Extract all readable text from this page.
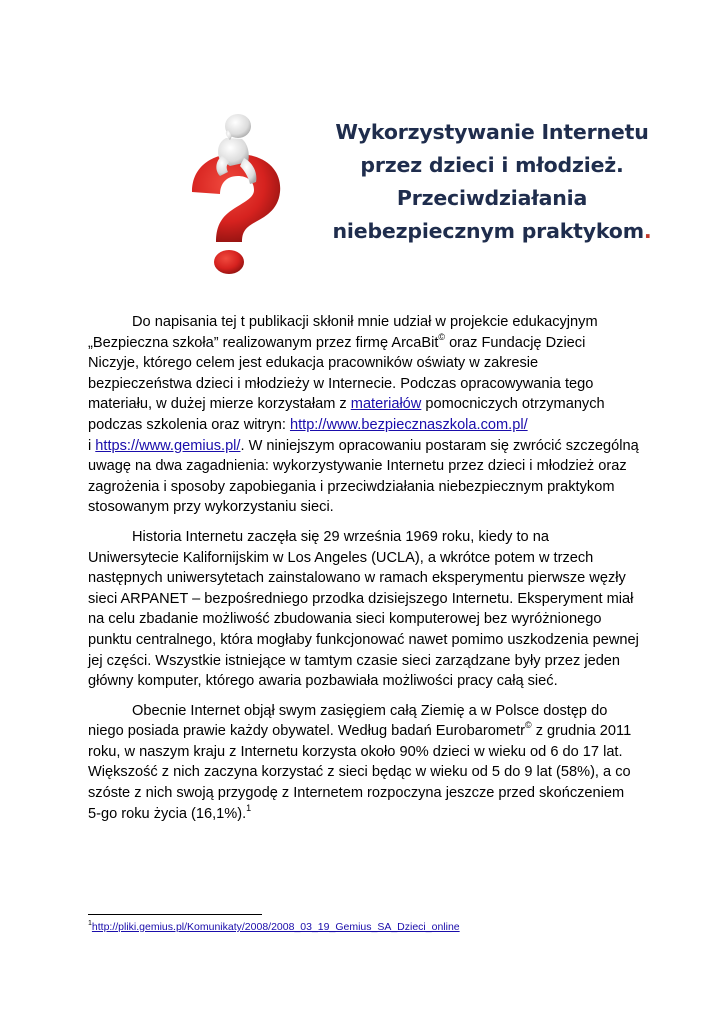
Wykorzystywanie Internetu
przez dzieci i młodzież.
Przeciwdziałania
niebezpiecznym praktykom.
Do napisania tej t publikacji skłonił mnie udział w projekcie edukacyjnym
„Bezpieczna szkoła” realizowanym przez firmę ArcaBit© oraz Fundację Dzieci
Niczyje, którego celem jest edukacja pracowników oświaty w zakresie
bezpieczeństwa dzieci i młodzieży w Internecie. Podczas opracowywania tego
materiału, w dużej mierze korzystałam z materiałów pomocniczych otrzymanych
podczas szkolenia oraz witryn: http://www.bezpiecznaszkola.com.pl/
i https://www.gemius.pl/. W niniejszym opracowaniu postaram się zwrócić szczególną
uwagę na dwa zagadnienia: wykorzystywanie Internetu przez dzieci i młodzież oraz
zagrożenia i sposoby zapobiegania i przeciwdziałania niebezpiecznym praktykom
stosowanym przy wykorzystaniu sieci.
Historia Internetu zaczęła się 29 września 1969 roku, kiedy to na
Uniwersytecie Kalifornijskim w Los Angeles (UCLA), a wkrótce potem w trzech
następnych uniwersytetach zainstalowano w ramach eksperymentu pierwsze węzły
sieci ARPANET – bezpośredniego przodka dzisiejszego Internetu. Eksperyment miał
na celu zbadanie możliwość zbudowania sieci komputerowej bez wyróżnionego
punktu centralnego, która mogłaby funkcjonować nawet pomimo uszkodzenia pewnej
jej części. Wszystkie istniejące w tamtym czasie sieci zarządzane były przez jeden
główny komputer, którego awaria pozbawiała możliwości pracy całą sieć.
Obecnie Internet objął swym zasięgiem całą Ziemię a w Polsce dostęp do
niego posiada prawie każdy obywatel. Według badań Eurobarometr© z grudnia 2011
roku, w naszym kraju z Internetu korzysta około 90% dzieci w wieku od 6 do 17 lat.
Większość z nich zaczyna korzystać z sieci będąc w wieku od 5 do 9 lat (58%), a co
szóste z nich swoją przygodę z Internetem rozpoczyna jeszcze przed skończeniem
5-go roku życia (16,1%).$^1$
$^1$http://pliki.gemius.pl/Komunikaty/2008/2008_03_19_Gemius_SA_Dzieci_online
